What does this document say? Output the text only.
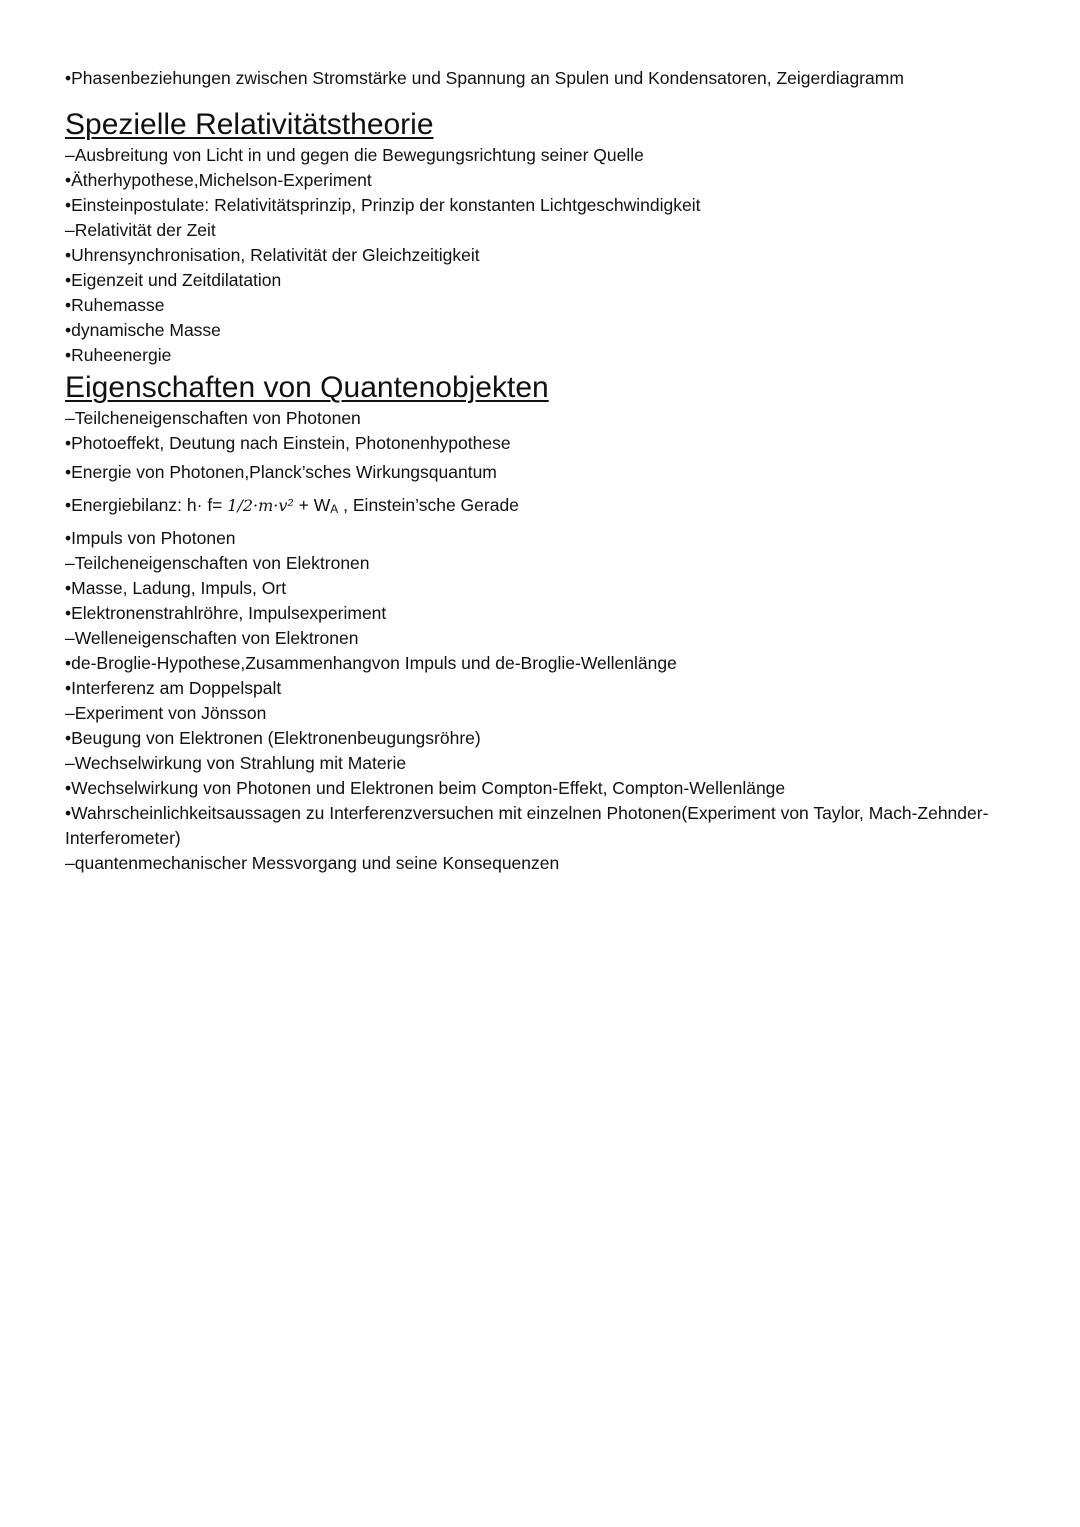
•Phasenbeziehungen zwischen Stromstärke und Spannung an Spulen und Kondensatoren, Zeigerdiagramm
Spezielle Relativitätstheorie
–Ausbreitung von Licht in und gegen die Bewegungsrichtung seiner Quelle
•Ätherhypothese,Michelson-Experiment
•Einsteinpostulate: Relativitätsprinzip, Prinzip der konstanten Lichtgeschwindigkeit
–Relativität der Zeit
•Uhrensynchronisation, Relativität der Gleichzeitigkeit
•Eigenzeit und Zeitdilatation
•Ruhemasse
•dynamische Masse
•Ruheenergie
Eigenschaften von Quantenobjekten
–Teilcheneigenschaften von Photonen
•Photoeffekt, Deutung nach Einstein, Photonenhypothese
•Energie von Photonen,Planck’sches Wirkungsquantum
•Energiebilanz: h· f= 1/2·m·v² + WA , Einstein’sche Gerade
•Impuls von Photonen
–Teilcheneigenschaften von Elektronen
•Masse, Ladung, Impuls, Ort
•Elektronenstrahlröhre, Impulsexperiment
–Welleneigenschaften von Elektronen
•de-Broglie-Hypothese,Zusammenhangvon Impuls und de-Broglie-Wellenlänge
•Interferenz am Doppelspalt
–Experiment von Jönsson
•Beugung von Elektronen (Elektronenbeugungsröhre)
–Wechselwirkung von Strahlung mit Materie
•Wechselwirkung von Photonen und Elektronen beim Compton-Effekt, Compton-Wellenlänge
•Wahrscheinlichkeitsaussagen zu Interferenzversuchen mit einzelnen Photonen(Experiment von Taylor, Mach-Zehnder-Interferometer)
–quantenmechanischer Messvorgang und seine Konsequenzen
